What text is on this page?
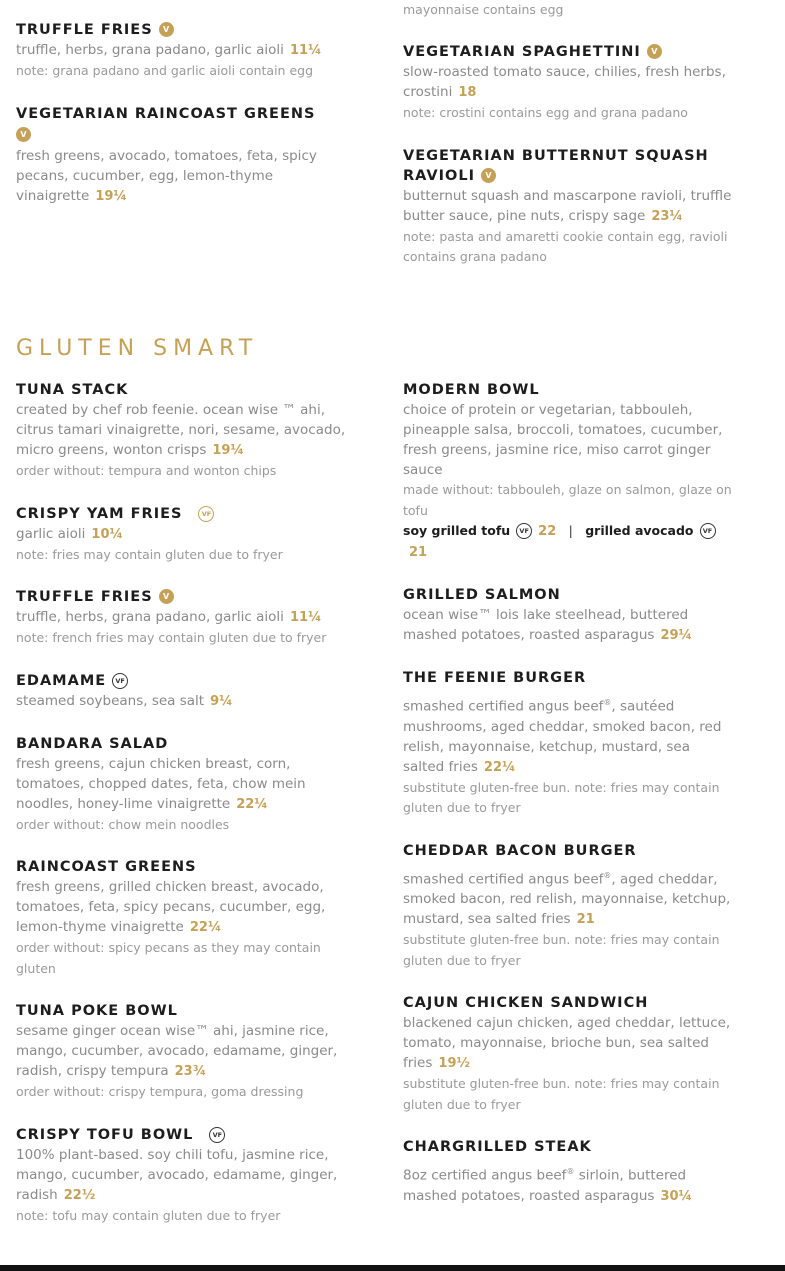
TRUFFLE FRIES V
truffle, herbs, grana padano, garlic aioli 11¼
note: grana padano and garlic aioli contain egg
VEGETARIAN RAINCOAST GREENS
V
fresh greens, avocado, tomatoes, feta, spicy pecans, cucumber, egg, lemon-thyme vinaigrette 19¼
mayonnaise contains egg
VEGETARIAN SPAGHETTINI V
slow-roasted tomato sauce, chilies, fresh herbs, crostini 18
note: crostini contains egg and grana padano
VEGETARIAN BUTTERNUT SQUASH RAVIOLI V
butternut squash and mascarpone ravioli, truffle butter sauce, pine nuts, crispy sage 23¼
note: pasta and amaretti cookie contain egg, ravioli contains grana padano
GLUTEN SMART
TUNA STACK
created by chef rob feenie. ocean wise ™ ahi, citrus tamari vinaigrette, nori, sesame, avocado, micro greens, wonton crisps 19¼
order without: tempura and wonton chips
CRISPY YAM FRIES	VF
garlic aioli 10¼
note: fries may contain gluten due to fryer
TRUFFLE FRIES V
truffle, herbs, grana padano, garlic aioli 11¼
note: french fries may contain gluten due to fryer
EDAMAME VF
steamed soybeans, sea salt 9¼
BANDARA SALAD
fresh greens, cajun chicken breast, corn, tomatoes, chopped dates, feta, chow mein noodles, honey-lime vinaigrette 22¼
order without: chow mein noodles
RAINCOAST GREENS
fresh greens, grilled chicken breast, avocado, tomatoes, feta, spicy pecans, cucumber, egg, lemon-thyme vinaigrette 22¼
order without: spicy pecans as they may contain gluten
TUNA POKE BOWL
sesame ginger ocean wise™ ahi, jasmine rice, mango, cucumber, avocado, edamame, ginger, radish, crispy tempura 23¾
order without: crispy tempura, goma dressing
CRISPY TOFU BOWL	VF
100% plant-based. soy chili tofu, jasmine rice, mango, cucumber, avocado, edamame, ginger, radish 22½
note: tofu may contain gluten due to fryer
MODERN BOWL
choice of protein or vegetarian, tabbouleh, pineapple salsa, broccoli, tomatoes, cucumber, fresh greens, jasmine rice, miso carrot ginger sauce
made without: tabbouleh, glaze on salmon, glaze on tofu
soy grilled tofu VF 22 | grilled avocado VF21
GRILLED SALMON
ocean wise™ lois lake steelhead, buttered mashed potatoes, roasted asparagus 29¼
THE FEENIE BURGER
smashed certified angus beef®, sautéed mushrooms, aged cheddar, smoked bacon, red relish, mayonnaise, ketchup, mustard, sea salted fries 22¼
substitute gluten-free bun. note: fries may contain gluten due to fryer
CHEDDAR BACON BURGER
smashed certified angus beef®, aged cheddar, smoked bacon, red relish, mayonnaise, ketchup, mustard, sea salted fries 21
substitute gluten-free bun. note: fries may contain gluten due to fryer
CAJUN CHICKEN SANDWICH
blackened cajun chicken, aged cheddar, lettuce, tomato, mayonnaise, brioche bun, sea salted fries 19½
substitute gluten-free bun. note: fries may contain gluten due to fryer
CHARGRILLED STEAK
8oz certified angus beef® sirloin, buttered mashed potatoes, roasted asparagus 30¼
